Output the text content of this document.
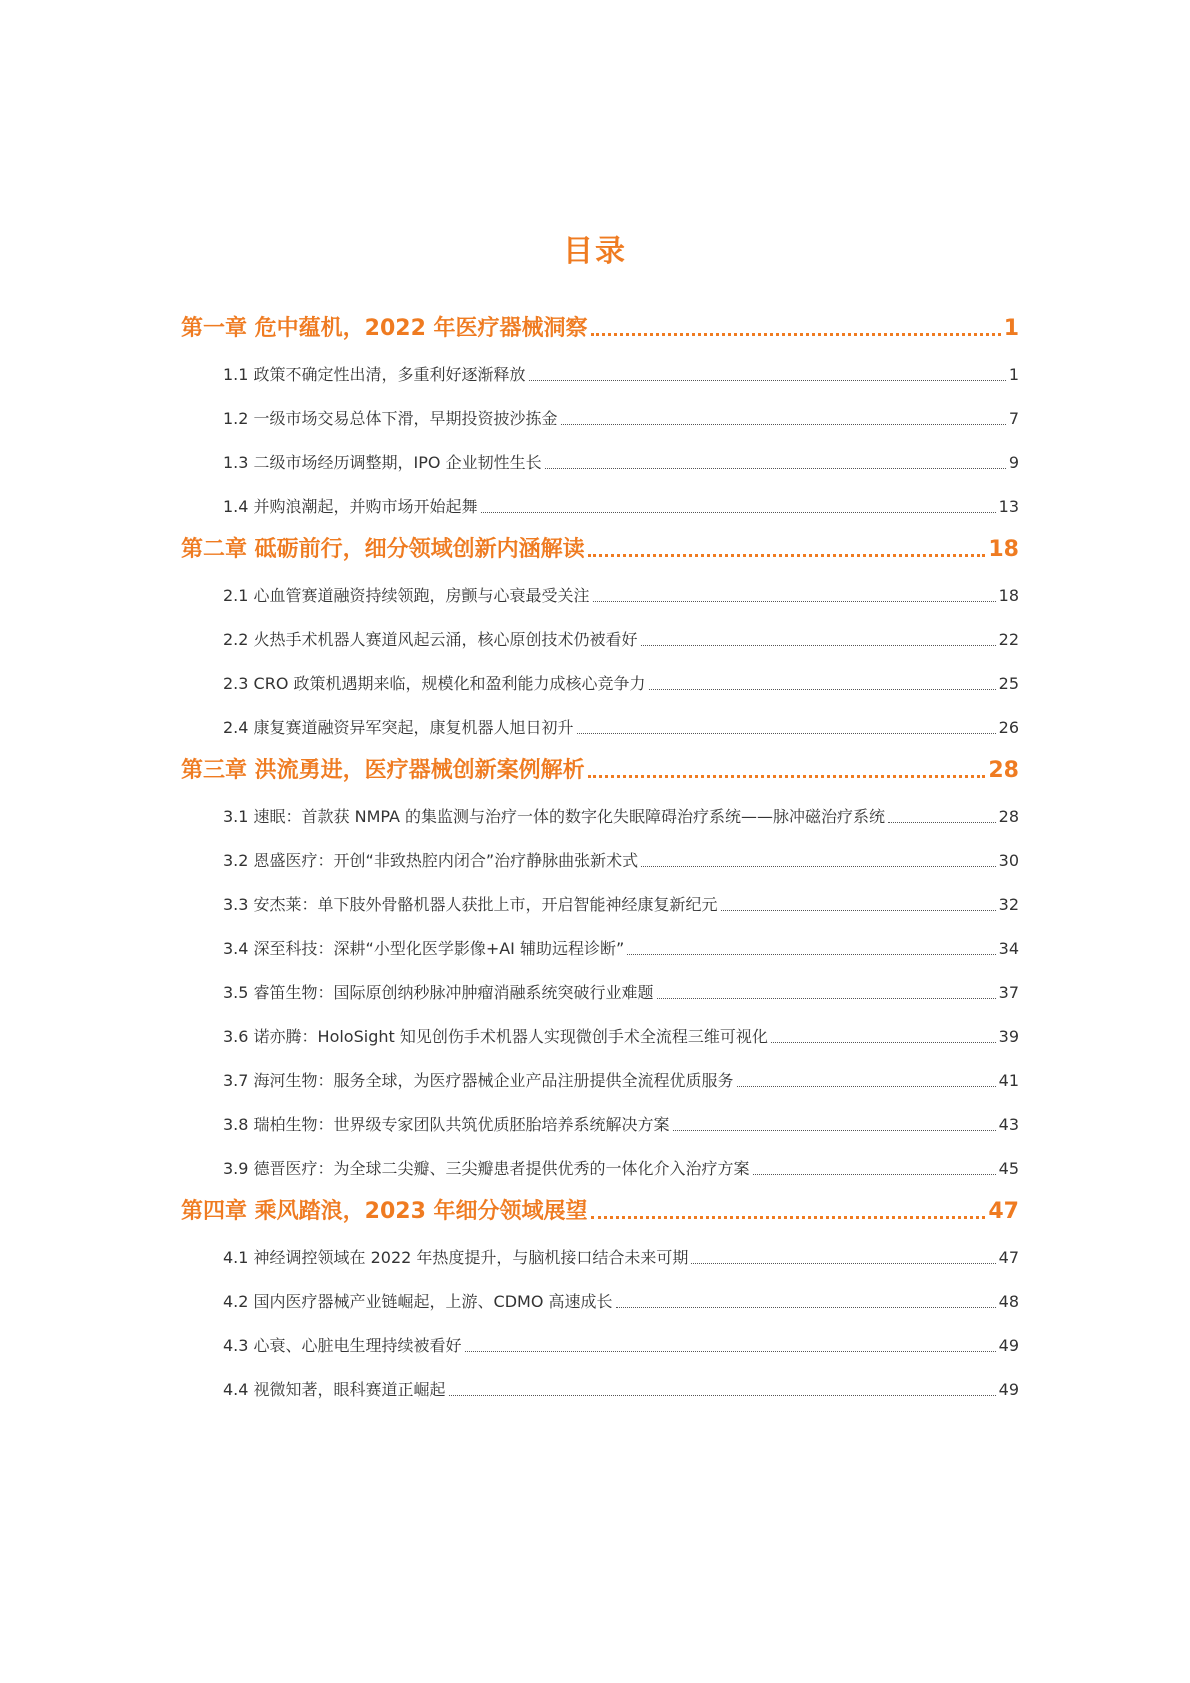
目录
第一章 危中蕴机，2022 年医疗器械洞察	1
1.1 政策不确定性出清，多重利好逐渐释放	1
1.2 一级市场交易总体下滑，早期投资披沙拣金	7
1.3 二级市场经历调整期，IPO 企业韧性生长	9
1.4 并购浪潮起，并购市场开始起舞	13
第二章 砥砺前行，细分领域创新内涵解读	18
2.1 心血管赛道融资持续领跑，房颤与心衰最受关注	18
2.2 火热手术机器人赛道风起云涌，核心原创技术仍被看好	22
2.3 CRO 政策机遇期来临，规模化和盈利能力成核心竞争力	25
2.4 康复赛道融资异军突起，康复机器人旭日初升	26
第三章 洪流勇进，医疗器械创新案例解析	28
3.1 速眠：首款获 NMPA 的集监测与治疗一体的数字化失眠障碍治疗系统——脉冲磁治疗系统	28
3.2 恩盛医疗：开创“非致热腔内闭合”治疗静脉曲张新术式	30
3.3 安杰莱：单下肢外骨骼机器人获批上市，开启智能神经康复新纪元	32
3.4 深至科技：深耕“小型化医学影像+AI 辅助远程诊断”	34
3.5 睿笛生物：国际原创纳秒脉冲肿瘤消融系统突破行业难题	37
3.6 诺亦腾：HoloSight 知见创伤手术机器人实现微创手术全流程三维可视化	39
3.7 海河生物：服务全球，为医疗器械企业产品注册提供全流程优质服务	41
3.8 瑞柏生物：世界级专家团队共筑优质胚胎培养系统解决方案	43
3.9 德晋医疗：为全球二尖瓣、三尖瓣患者提供优秀的一体化介入治疗方案	45
第四章 乘风踏浪，2023 年细分领域展望	47
4.1 神经调控领域在 2022 年热度提升，与脑机接口结合未来可期	47
4.2 国内医疗器械产业链崛起，上游、CDMO 高速成长	48
4.3 心衰、心脏电生理持续被看好	49
4.4 视微知著，眼科赛道正崛起	49
